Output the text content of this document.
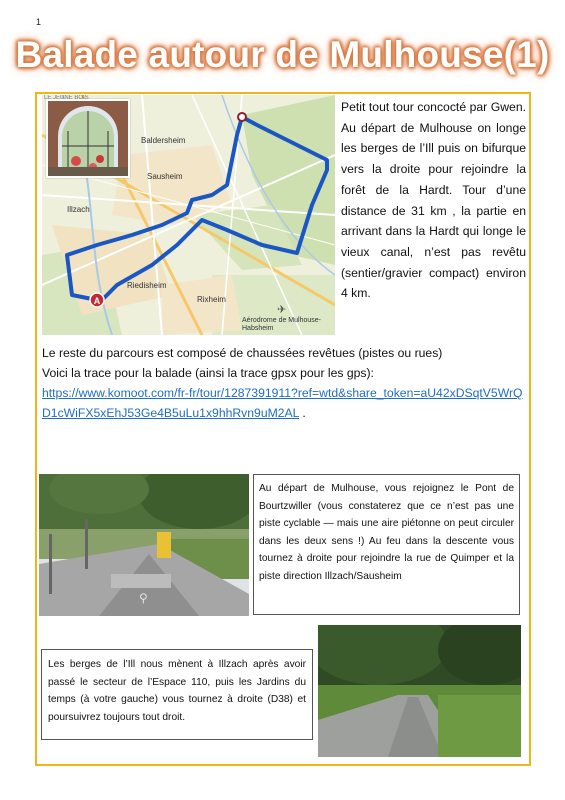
1
Balade autour de Mulhouse(1)
A
✈
LE JEUNE BOIS
Baldersheim
Sausheim
Illzach
Riedisheim
Rixheim
Aérodrome de Mulhouse-Habsheim
Petit tout tour concocté par Gwen. Au départ de Mulhouse on longe les berges de l’Ill puis on bifurque vers la droite pour rejoindre la forêt de la Hardt. Tour d’une distance de 31 km , la partie en arrivant dans la Hardt qui longe le vieux canal, n’est pas revêtu (sentier/gravier compact) environ 4 km.
Le reste du parcours est composé de chaussées revêtues (pistes ou rues)
Voici la trace pour la balade (ainsi la trace gpsx pour les gps):
https://www.komoot.com/fr-fr/tour/1287391911?ref=wtd&share_token=aU42xDSqtV5WrQD1cWiFX5xEhJ53Ge4B5uLu1x9hhRvn9uM2AL .
⚲
Au départ de Mulhouse, vous rejoignez le Pont de Bourtzwiller (vous constaterez que ce n’est pas une piste cyclable — mais une aire piétonne on peut circuler dans les deux sens !) Au feu dans la descente vous tournez à droite pour rejoindre la rue de Quimper et la piste direction Illzach/Sausheim
Les berges de l’Ill nous mènent à Illzach après avoir passé le secteur de l’Espace 110, puis les Jardins du temps (à votre gauche) vous tournez à droite (D38) et poursuivrez toujours tout droit.
